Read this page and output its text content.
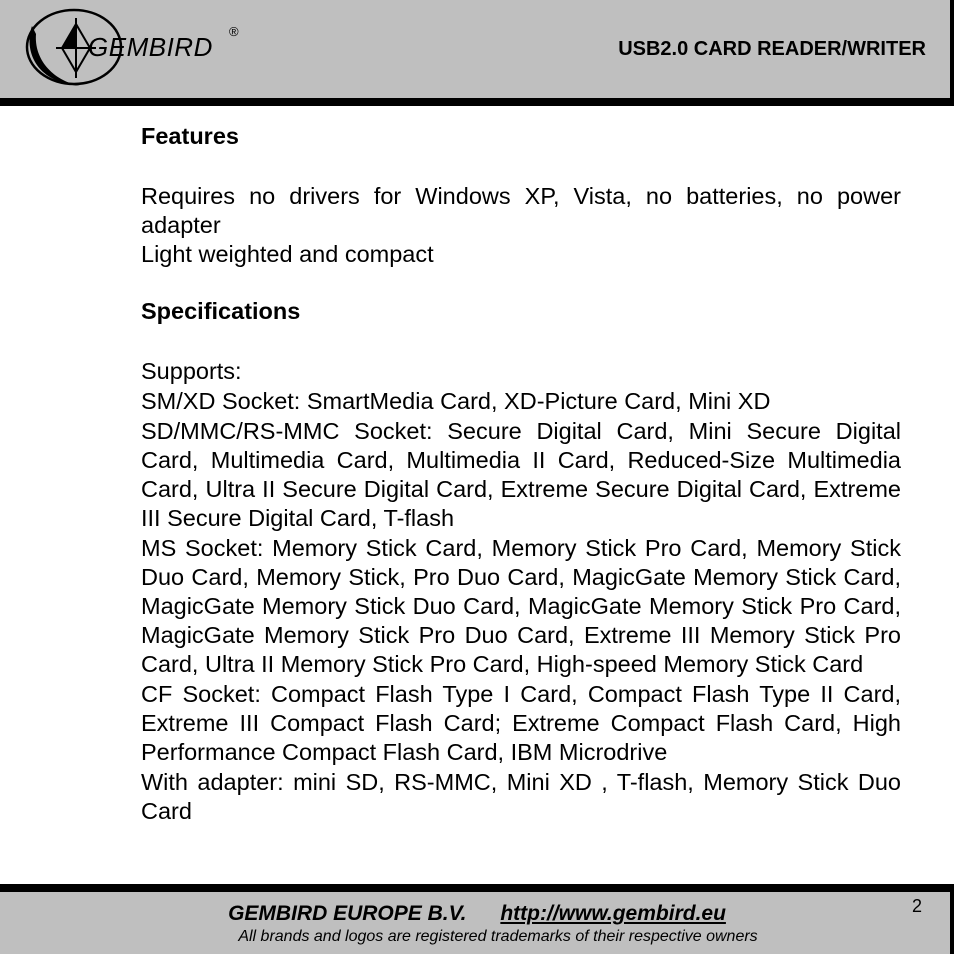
GEMBIRD
®
USB2.0 CARD READER/WRITER
Features

Requires no drivers for Windows XP, Vista, no batteries, no power adapter

Light weighted and compact

Specifications

Supports:

SM/XD Socket: SmartMedia Card, XD-Picture Card, Mini XD

SD/MMC/RS-MMC Socket: Secure Digital Card, Mini Secure Digital Card, Multimedia Card, Multimedia II Card, Reduced-Size Multimedia Card, Ultra II Secure Digital Card, Extreme Secure Digital Card, Extreme III Secure Digital Card, T-flash

MS Socket: Memory Stick Card, Memory Stick Pro Card, Memory Stick Duo Card, Memory Stick, Pro Duo Card, MagicGate Memory Stick Card, MagicGate Memory Stick Duo Card, MagicGate Memory Stick Pro Card, MagicGate Memory Stick Pro Duo Card, Extreme III Memory Stick Pro Card, Ultra II Memory Stick Pro Card, High-speed Memory Stick Card

CF Socket: Compact Flash Type I Card, Compact Flash Type II Card, Extreme III Compact Flash Card; Extreme Compact Flash Card, High Performance Compact Flash Card, IBM Microdrive

With adapter: mini SD, RS-MMC, Mini XD , T-flash, Memory Stick Duo Card

GEMBIRD EUROPE B.V. http://www.gembird.eu
All brands and logos are registered trademarks of their respective owners
2
